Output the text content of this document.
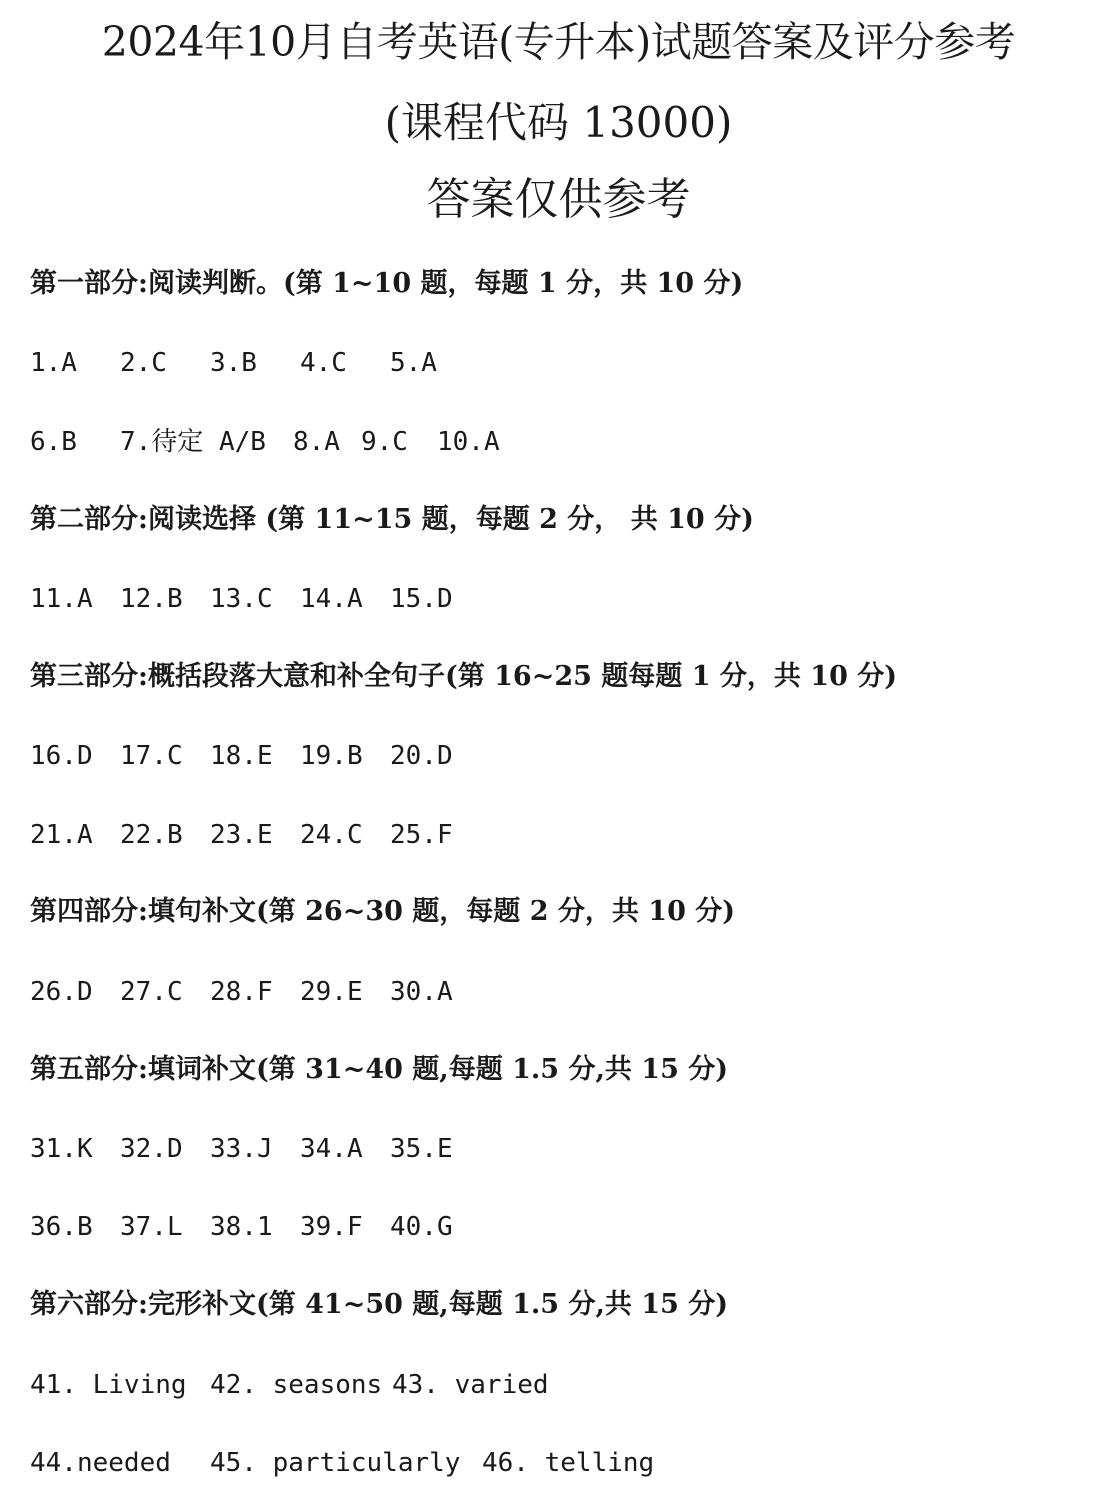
2024年10月自考英语(专升本)试题答案及评分参考
(课程代码 13000)
答案仅供参考
第一部分:阅读判断。(第 1~10 题，每题 1 分，共 10 分)
1.A 2.C 3.B 4.C 5.A
6.B 7.待定 A/B 8.A 9.C 10.A
第二部分:阅读选择 (第 11~15 题，每题 2 分， 共 10 分)
11.A 12.B 13.C 14.A 15.D
第三部分:概括段落大意和补全句子(第 16~25 题每题 1 分，共 10 分)
16.D 17.C 18.E 19.B 20.D
21.A 22.B 23.E 24.C 25.F
第四部分:填句补文(第 26~30 题，每题 2 分，共 10 分)
26.D 27.C 28.F 29.E 30.A
第五部分:填词补文(第 31~40 题,每题 1.5 分,共 15 分)
31.K 32.D 33.J 34.A 35.E
36.B 37.L 38.1 39.F 40.G
第六部分:完形补文(第 41~50 题,每题 1.5 分,共 15 分)
41. Living 42. seasons 43. varied
44.needed 45. particularly 46. telling
